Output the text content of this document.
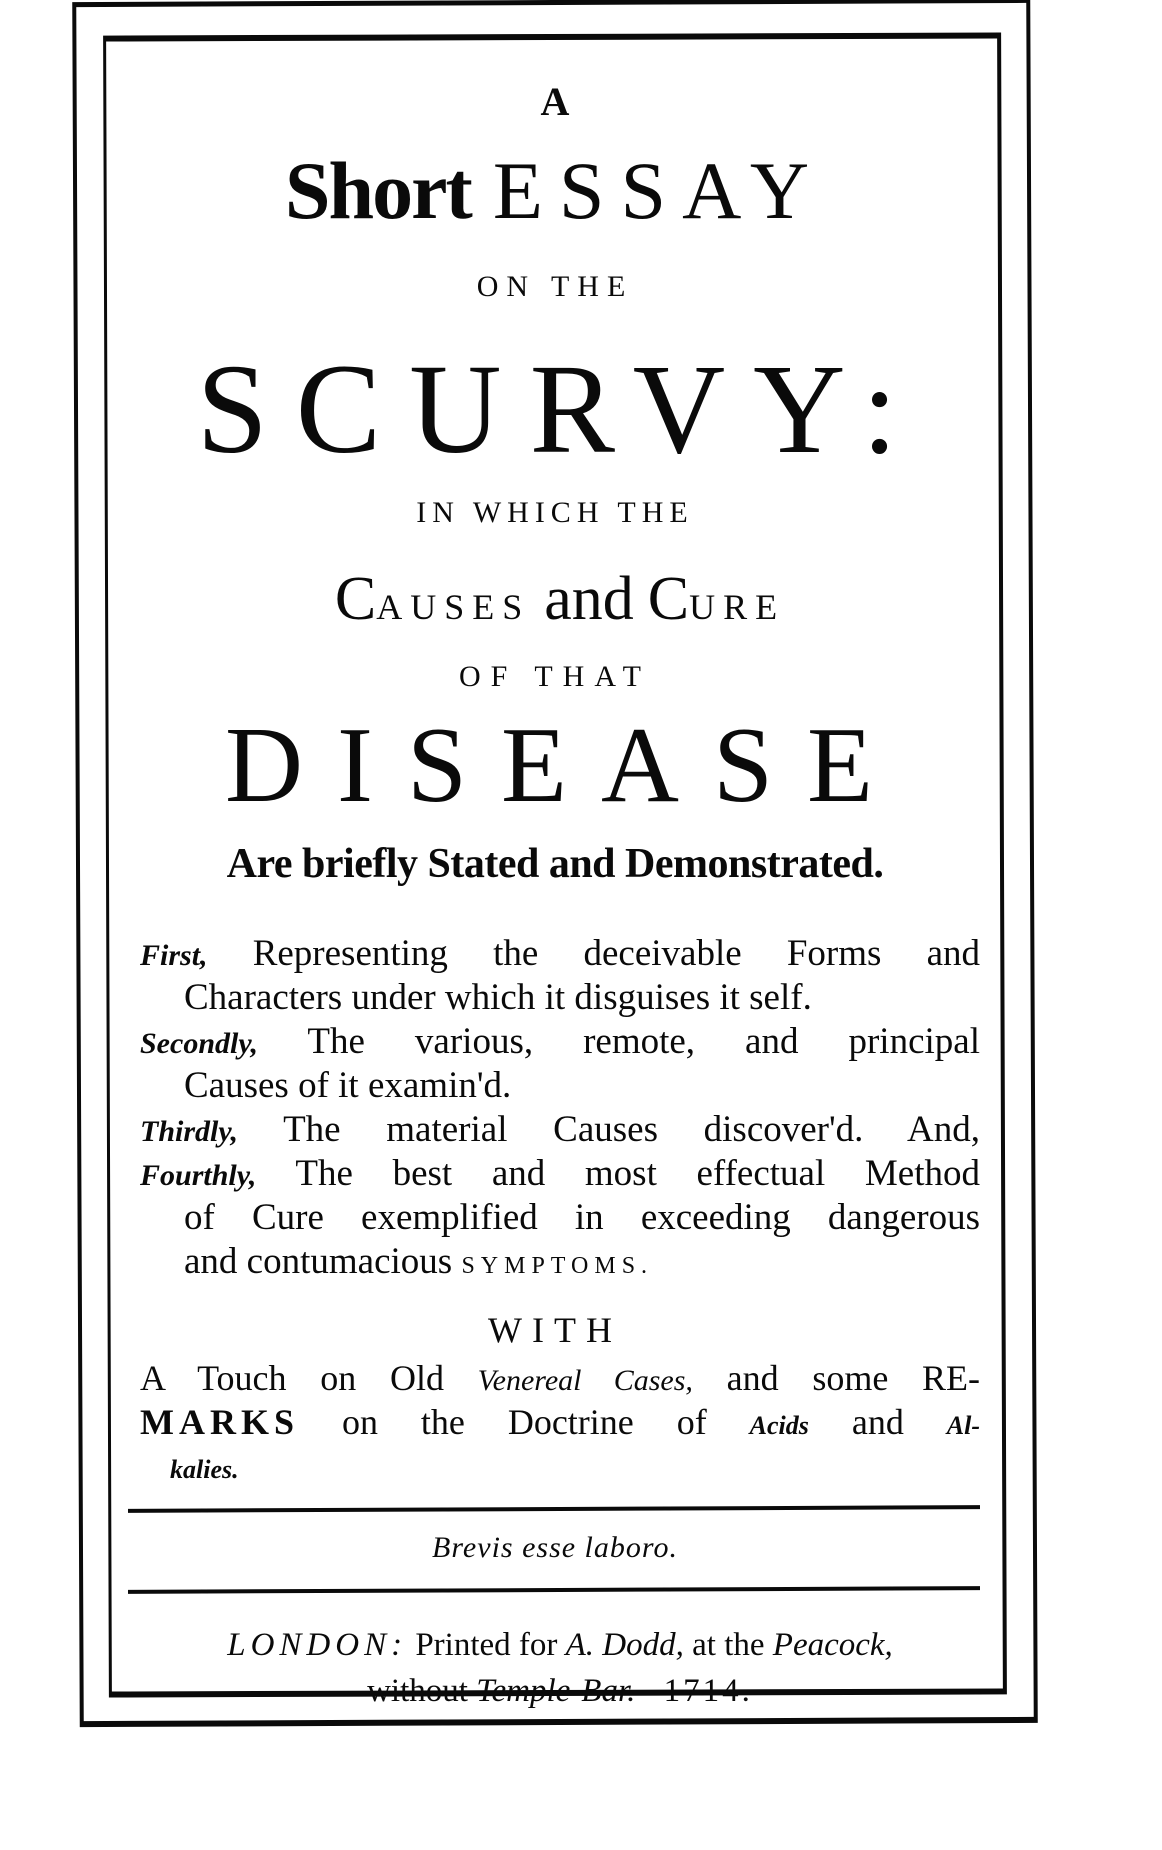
A
Short ESSAY
ON THE
SCURVY:
IN WHICH THE
CAUSES and CURE
OF THAT
DISEASE
Are briefly Stated and Demonstrated.
First, Representing the deceivable Forms and
Characters under which it disguises it self.
Secondly, The various, remote, and principal
Causes of it examin'd.
Thirdly, The material Causes discover'd. And,
Fourthly, The best and most effectual Method
of Cure exemplified in exceeding dangerous
and contumacious SYMPTOMS.
WITH
A Touch on Old Venereal Cases, and some RE-
MARKS on the Doctrine of Acids and Al-
kalies.
Brevis esse laboro.
LONDON: Printed for A. Dodd, at the Peacock,
without Temple-Bar. 1714.
